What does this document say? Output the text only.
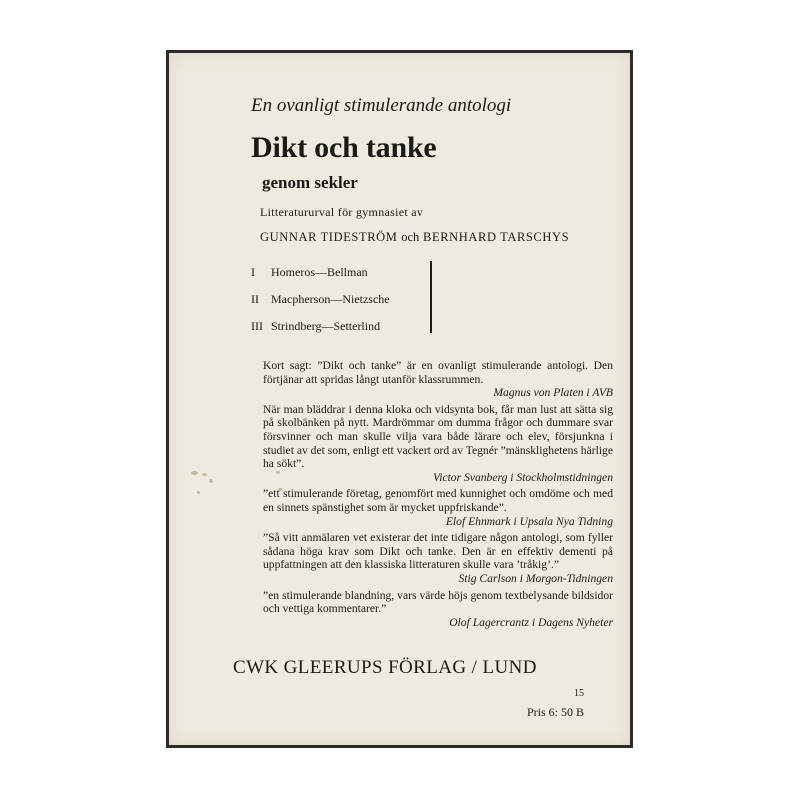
En ovanligt stimulerande antologi
Dikt och tanke
genom sekler
Litteratururval för gymnasiet av
GUNNAR TIDESTRÖM och BERNHARD TARSCHYS
I Homeros—Bellman
II Macpherson—Nietzsche
III Strindberg—Setterlind
Kort sagt: ”Dikt och tanke” är en ovanligt stimulerande antologi. Den förtjänar att spridas långt utanför klassrummen.
Magnus von Platen i AVB
När man bläddrar i denna kloka och vidsynta bok, får man lust att sätta sig på skolbänken på nytt. Mardrömmar om dumma frågor och dummare svar försvinner och man skulle vilja vara både lärare och elev, försjunkna i studiet av det som, enligt ett vackert ord av Tegnér ”mänsklighetens härlige ha sökt”.
Victor Svanberg i Stockholmstidningen
”ett stimulerande företag, genomfört med kunnighet och omdöme och med en sinnets spänstighet som är mycket uppfriskande”.
Elof Ehnmark i Upsala Nya Tidning
”Så vitt anmälaren vet existerar det inte tidigare någon antologi, som fyller sådana höga krav som Dikt och tanke. Den är en effektiv dementi på uppfattningen att den klassiska litteraturen skulle vara ’tråkig’.”
Stig Carlson i Morgon-Tidningen
”en stimulerande blandning, vars värde höjs genom textbelysande bildsidor och vettiga kommentarer.”
Olof Lagercrantz i Dagens Nyheter
CWK GLEERUPS FÖRLAG / LUND
15
Pris 6: 50 B
